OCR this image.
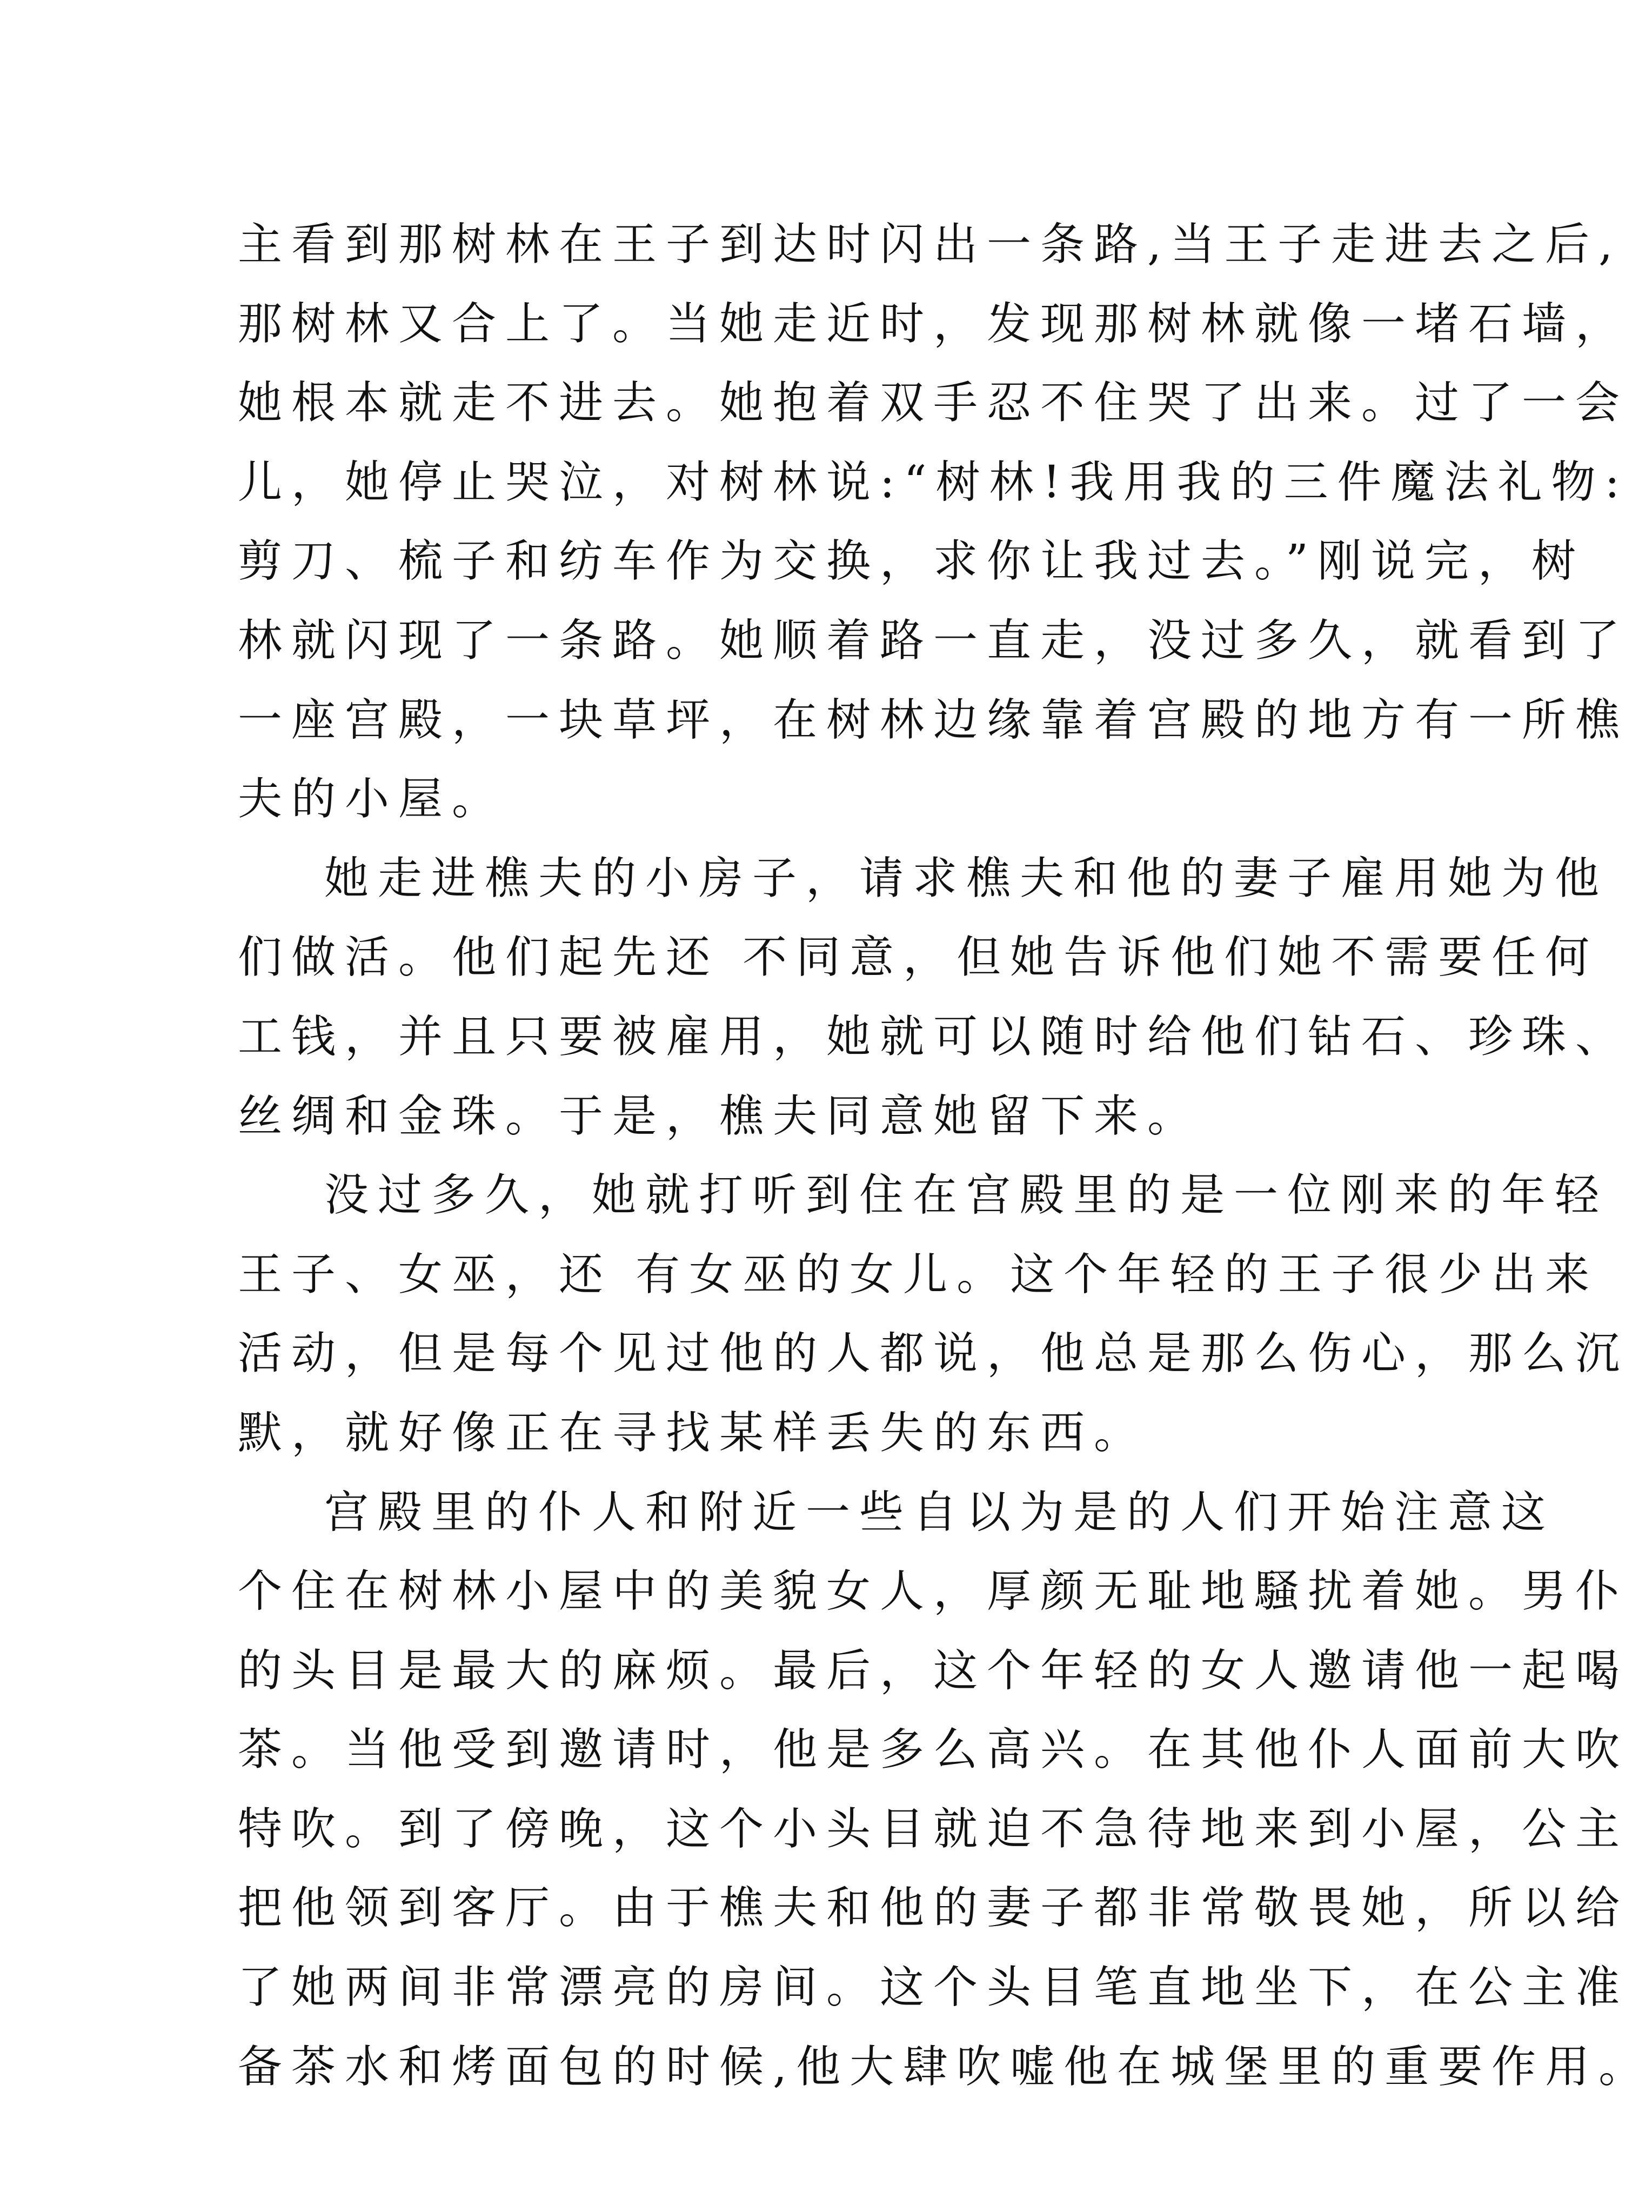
主看到那树林在王子到达时闪出一条路,当王子走进去之后,
那树林又合上了。当她走近时，发现那树林就像一堵石墙，
她根本就走不进去。她抱着双手忍不住哭了出来。过了一会
儿，她停止哭泣，对树林说:“树林!我用我的三件魔法礼物:
剪刀、梳子和纺车作为交换，求你让我过去。”刚说完，树
林就闪现了一条路。她顺着路一直走，没过多久，就看到了
一座宫殿，一块草坪，在树林边缘靠着宫殿的地方有一所樵
夫的小屋。
她走进樵夫的小房子，请求樵夫和他的妻子雇用她为他
们做活。他们起先还 不同意，但她告诉他们她不需要任何
工钱，并且只要被雇用，她就可以随时给他们钻石、珍珠、
丝绸和金珠。于是，樵夫同意她留下来。
没过多久，她就打听到住在宫殿里的是一位刚来的年轻
王子、女巫，还 有女巫的女儿。这个年轻的王子很少出来
活动，但是每个见过他的人都说，他总是那么伤心，那么沉
默，就好像正在寻找某样丢失的东西。
宫殿里的仆人和附近一些自以为是的人们开始注意这
个住在树林小屋中的美貌女人，厚颜无耻地騒扰着她。男仆
的头目是最大的麻烦。最后，这个年轻的女人邀请他一起喝
茶。当他受到邀请时，他是多么高兴。在其他仆人面前大吹
特吹。到了傍晚，这个小头目就迫不急待地来到小屋，公主
把他领到客厅。由于樵夫和他的妻子都非常敬畏她，所以给
了她两间非常漂亮的房间。这个头目笔直地坐下，在公主准
备茶水和烤面包的时候,他大肆吹嘘他在城堡里的重要作用。
